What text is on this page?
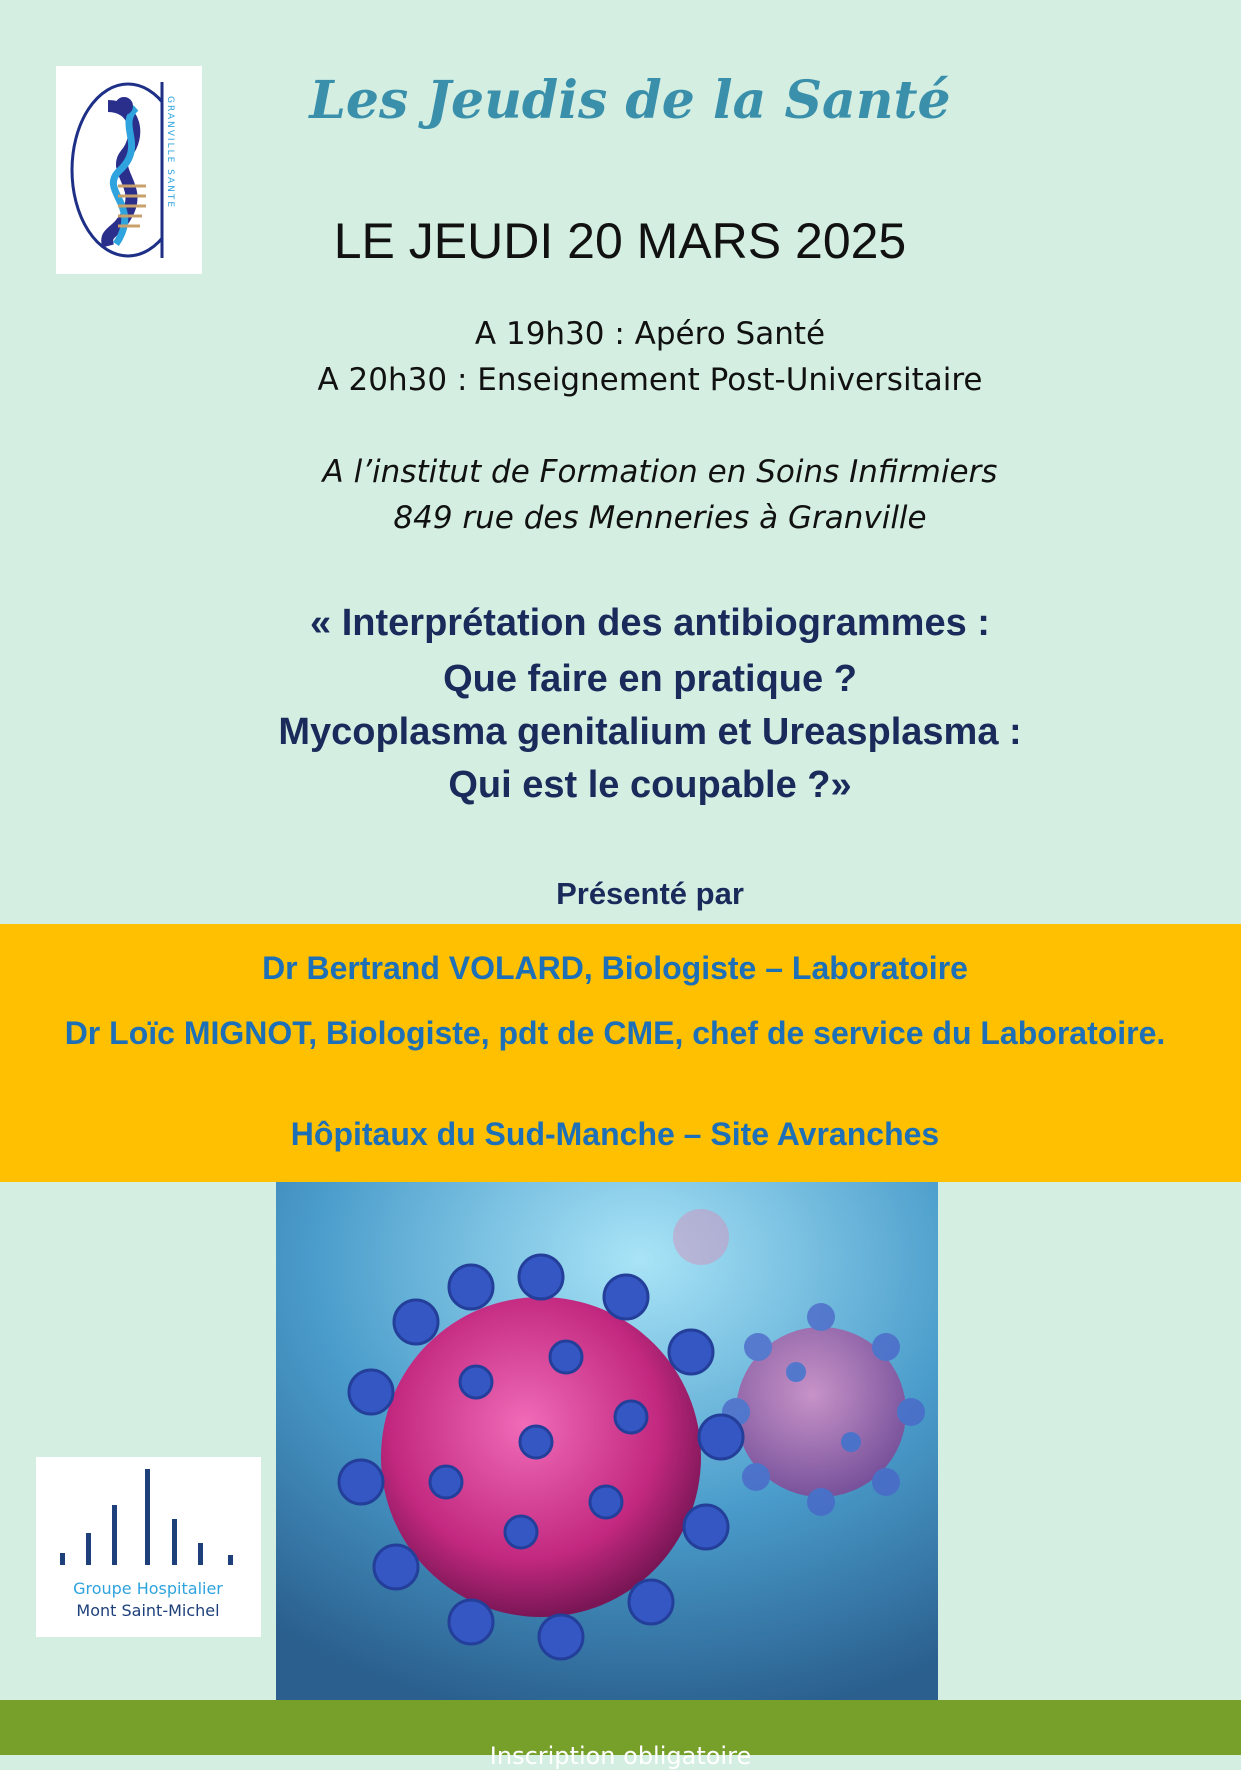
GRANVILLE SANTE	Les Jeudis de la Santé
LE JEUDI 20 MARS 2025
A 19h30 : Apéro Santé
A 20h30 : Enseignement Post-Universitaire
A l’institut de Formation en Soins Infirmiers
849 rue des Menneries à Granville
« Interprétation des antibiogrammes :
Que faire en pratique ?
Mycoplasma genitalium et Ureasplasma :
Qui est le coupable ?»
Présenté par
Dr Bertrand VOLARD, Biologiste – Laboratoire
Dr Loïc MIGNOT, Biologiste, pdt de CME, chef de service du Laboratoire.
Hôpitaux du Sud-Manche – Site Avranches
Groupe Hospitalier
Mont Saint-Michel
Inscription obligatoire
